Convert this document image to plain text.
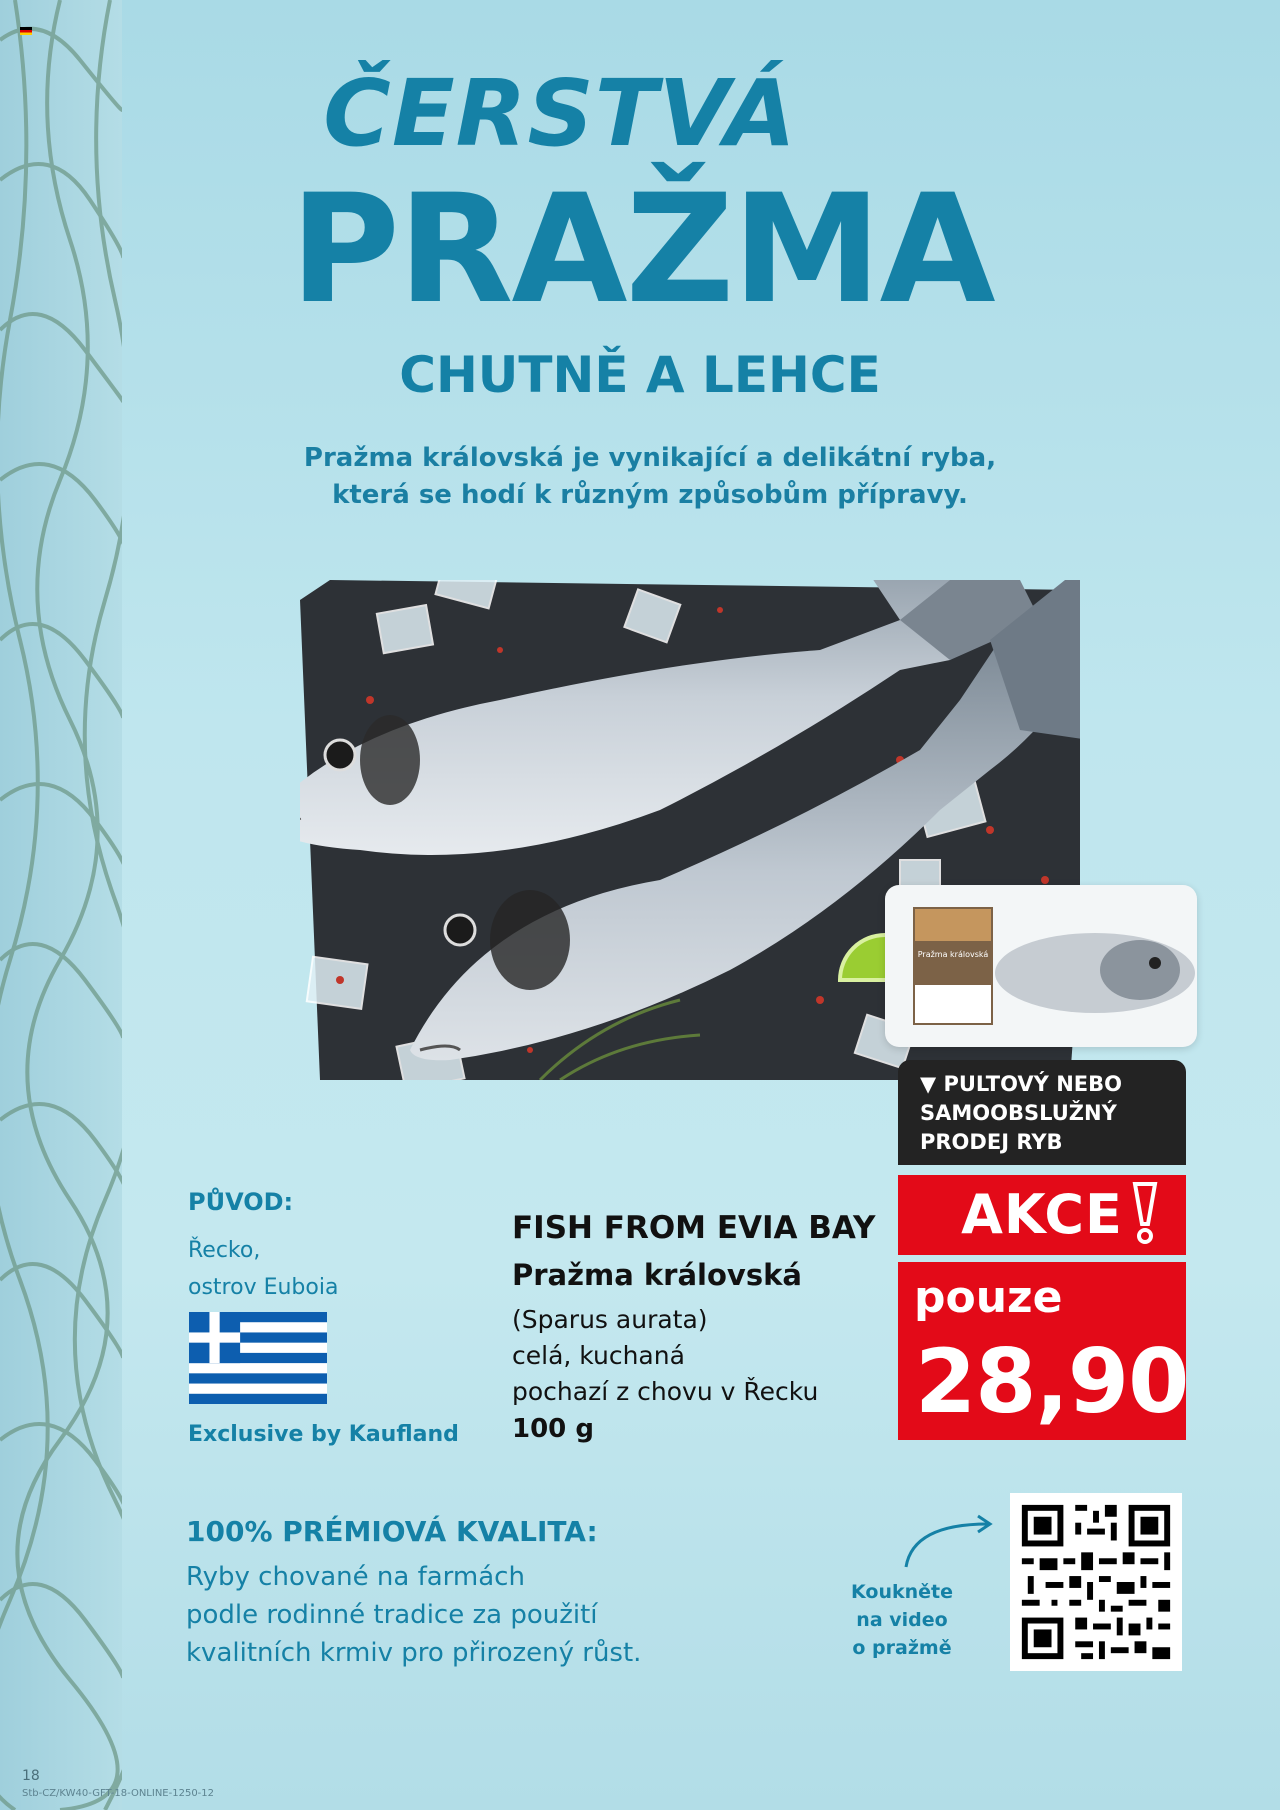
ČERSTVÁ
PRAŽMA
CHUTNĚ A LEHCE
Pražma královská je vynikající a delikátní ryba,
která se hodí k různým způsobům přípravy.
Pražma královská
▼ PULTOVÝ NEBO
SAMOOBSLUŽNÝ
PRODEJ RYB
AKCE
pouze
28,90
PŮVOD:
Řecko,
ostrov Euboia
Exclusive by Kaufland
FISH FROM EVIA BAY
Pražma královská
(Sparus aurata)
celá, kuchaná
pochazí z chovu v Řecku
100 g
100% PRÉMIOVÁ KVALITA:
Ryby chované na farmách
podle rodinné tradice za použití
kvalitních krmiv pro přirozený růst.
Koukněte
na video
o pražmě
18
Stb-CZ/KW40-GFT-18-ONLINE-1250-12
